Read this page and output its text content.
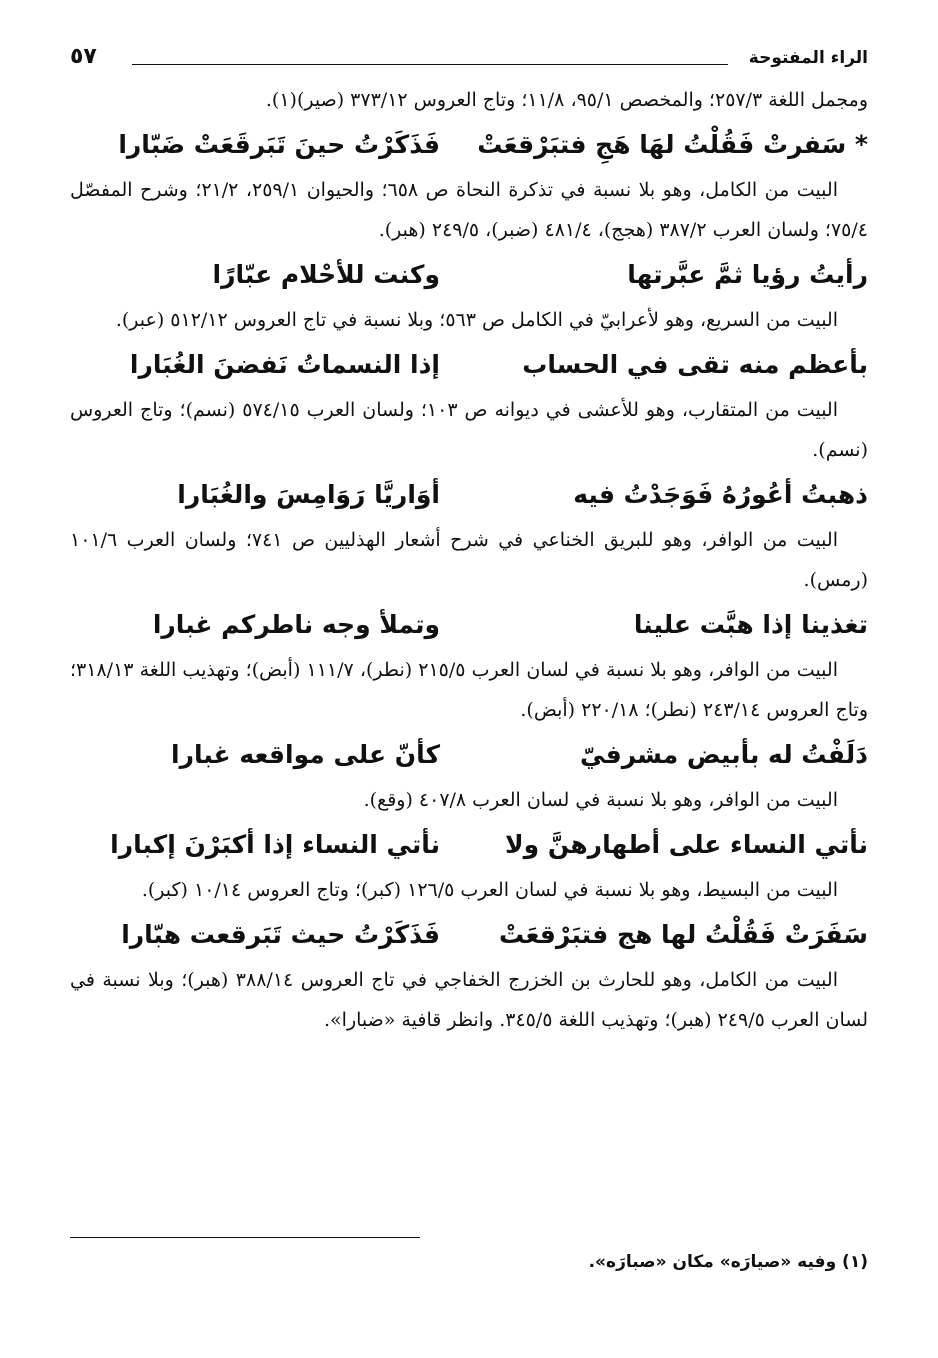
الراء المفتوحة
٥٧

ومجمل اللغة ٢٥٧/٣؛ والمخصص ٩٥/١، ١١/٨؛ وتاج العروس ٣٧٣/١٢ (صير)(١).

* سَفرتْ فَقُلْتُ لهَا هَجِ فتبَرْقعَتْ
فَذَكَرْتُ حينَ تَبَرقَعَتْ ضَبّارا

البيت من الكامل، وهو بلا نسبة في تذكرة النحاة ص ٦٥٨؛ والحيوان ٢٥٩/١، ٢١/٢؛ وشرح المفصّل ٧٥/٤؛ ولسان العرب ٣٨٧/٢ (هجج)، ٤٨١/٤ (ضبر)، ٢٤٩/٥ (هبر).

رأيتُ رؤيا ثمَّ عبَّرتها
وكنت للأحْلام عبّارًا

البيت من السريع، وهو لأعرابيّ في الكامل ص ٥٦٣؛ وبلا نسبة في تاج العروس ٥١٢/١٢ (عبر).

بأعظم منه تقى في الحساب
إذا النسماتُ نَفضنَ الغُبَارا

البيت من المتقارب، وهو للأعشى في ديوانه ص ١٠٣؛ ولسان العرب ٥٧٤/١٥ (نسم)؛ وتاج العروس (نسم).

ذهبتُ أعُورُهُ فَوَجَدْتُ فيه
أوَاريَّا رَوَامِسَ والغُبَارا

البيت من الوافر، وهو للبريق الخناعي في شرح أشعار الهذليين ص ٧٤١؛ ولسان العرب ١٠١/٦ (رمس).

تغذينا إذا هبَّت علينا
وتملأ وجه ناطركم غبارا

البيت من الوافر، وهو بلا نسبة في لسان العرب ٢١٥/٥ (نطر)، ١١١/٧ (أبض)؛ وتهذيب اللغة ٣١٨/١٣؛ وتاج العروس ٢٤٣/١٤ (نطر)؛ ٢٢٠/١٨ (أبض).

دَلَفْتُ له بأبيض مشرفيّ
كأنّ على مواقعه غبارا

البيت من الوافر، وهو بلا نسبة في لسان العرب ٤٠٧/٨ (وقع).

نأتي النساء على أطهارهنَّ ولا
نأتي النساء إذا أكبَرْنَ إكبارا

البيت من البسيط، وهو بلا نسبة في لسان العرب ١٢٦/٥ (كبر)؛ وتاج العروس ١٠/١٤ (كبر).

سَفَرَتْ فَقُلْتُ لها هج فتبَرْقعَتْ
فَذَكَرْتُ حيث تَبَرقعت هبّارا

البيت من الكامل، وهو للحارث بن الخزرج الخفاجي في تاج العروس ٣٨٨/١٤ (هبر)؛ وبلا نسبة في لسان العرب ٢٤٩/٥ (هبر)؛ وتهذيب اللغة ٣٤٥/٥. وانظر قافية «ضبارا».

(١) وفيه «صيارَه» مكان «صبارَه».
